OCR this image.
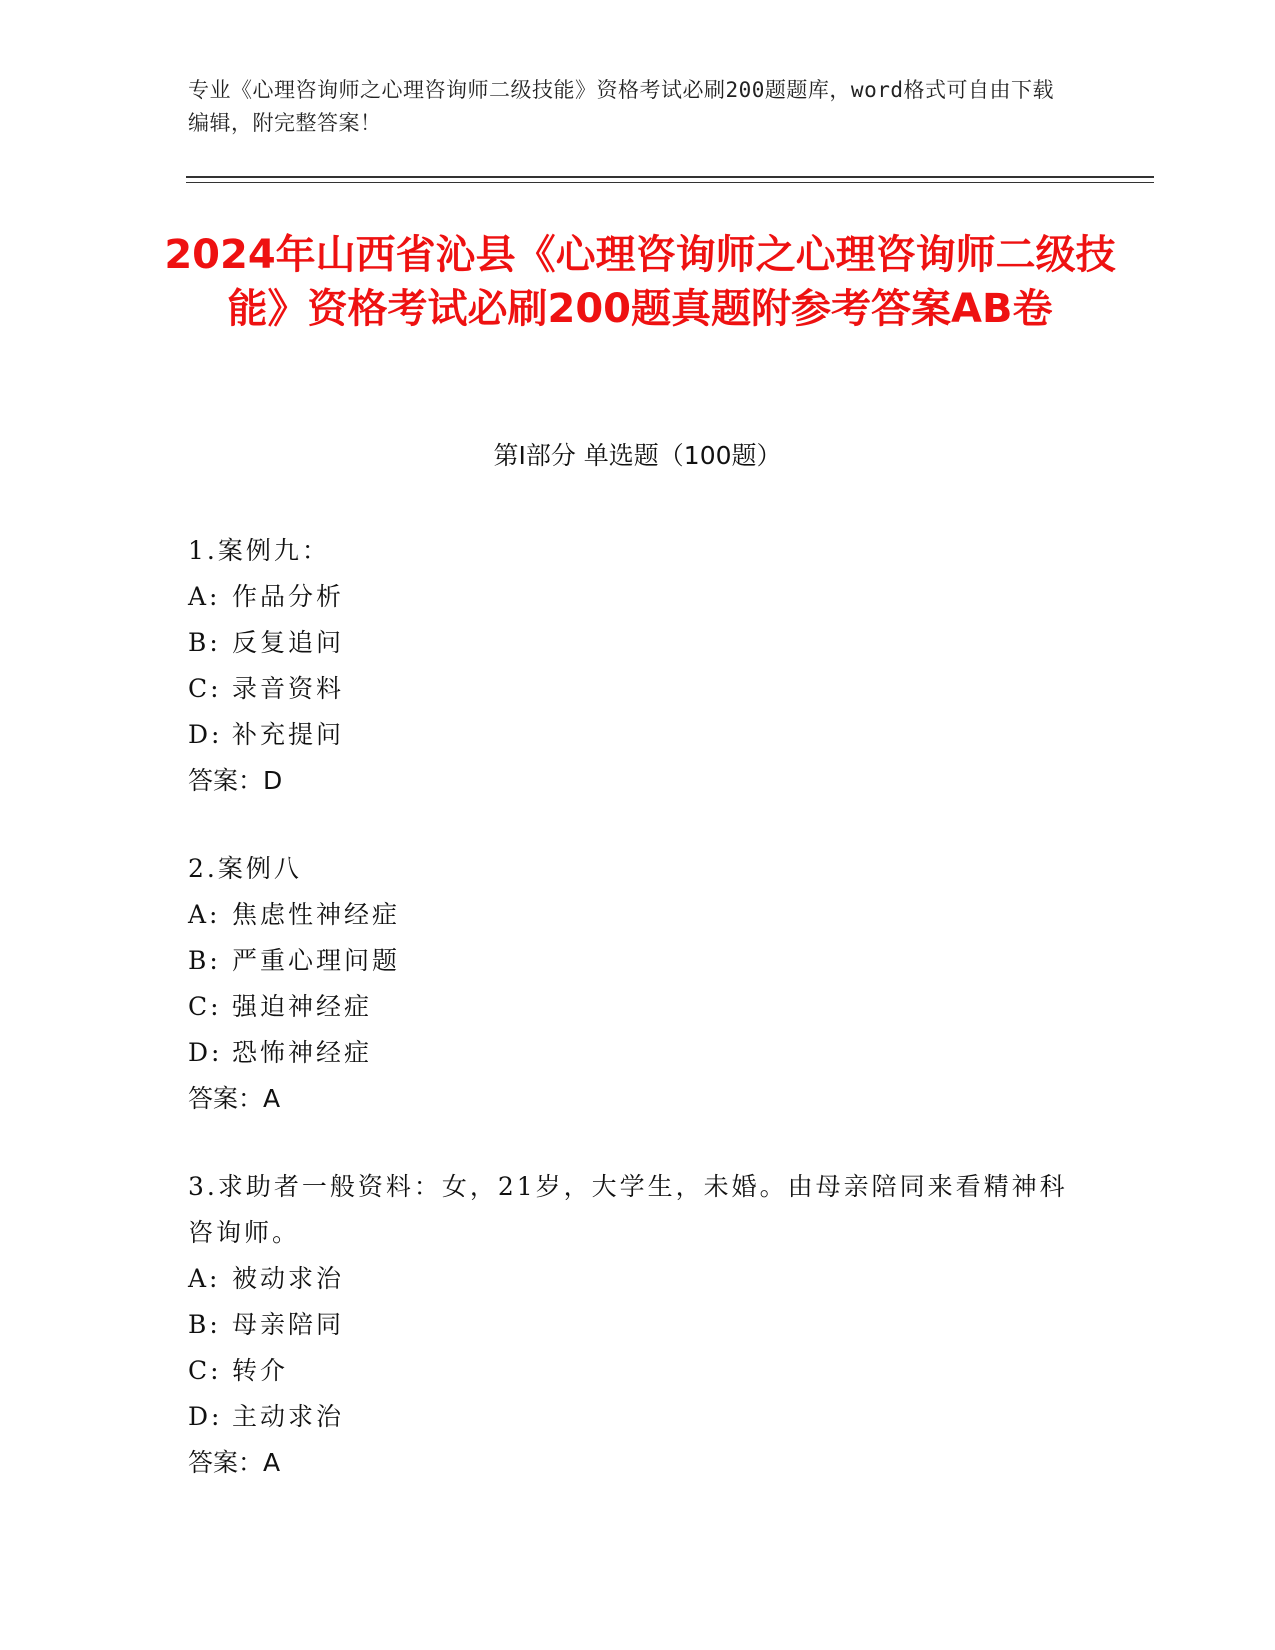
专业《心理咨询师之心理咨询师二级技能》资格考试必刷200题题库，word格式可自由下载编辑，附完整答案！
2024年山西省沁县《心理咨询师之心理咨询师二级技能》资格考试必刷200题真题附参考答案AB卷
第I部分 单选题（100题）

1.案例九：

A: 作品分析

B: 反复追问

C: 录音资料

D: 补充提问

答案：D

2.案例八

A: 焦虑性神经症

B: 严重心理问题

C: 强迫神经症

D: 恐怖神经症

答案：A

3.求助者一般资料：女，21岁，大学生，未婚。由母亲陪同来看精神科咨询师。

A: 被动求治

B: 母亲陪同

C: 转介

D: 主动求治

答案：A
